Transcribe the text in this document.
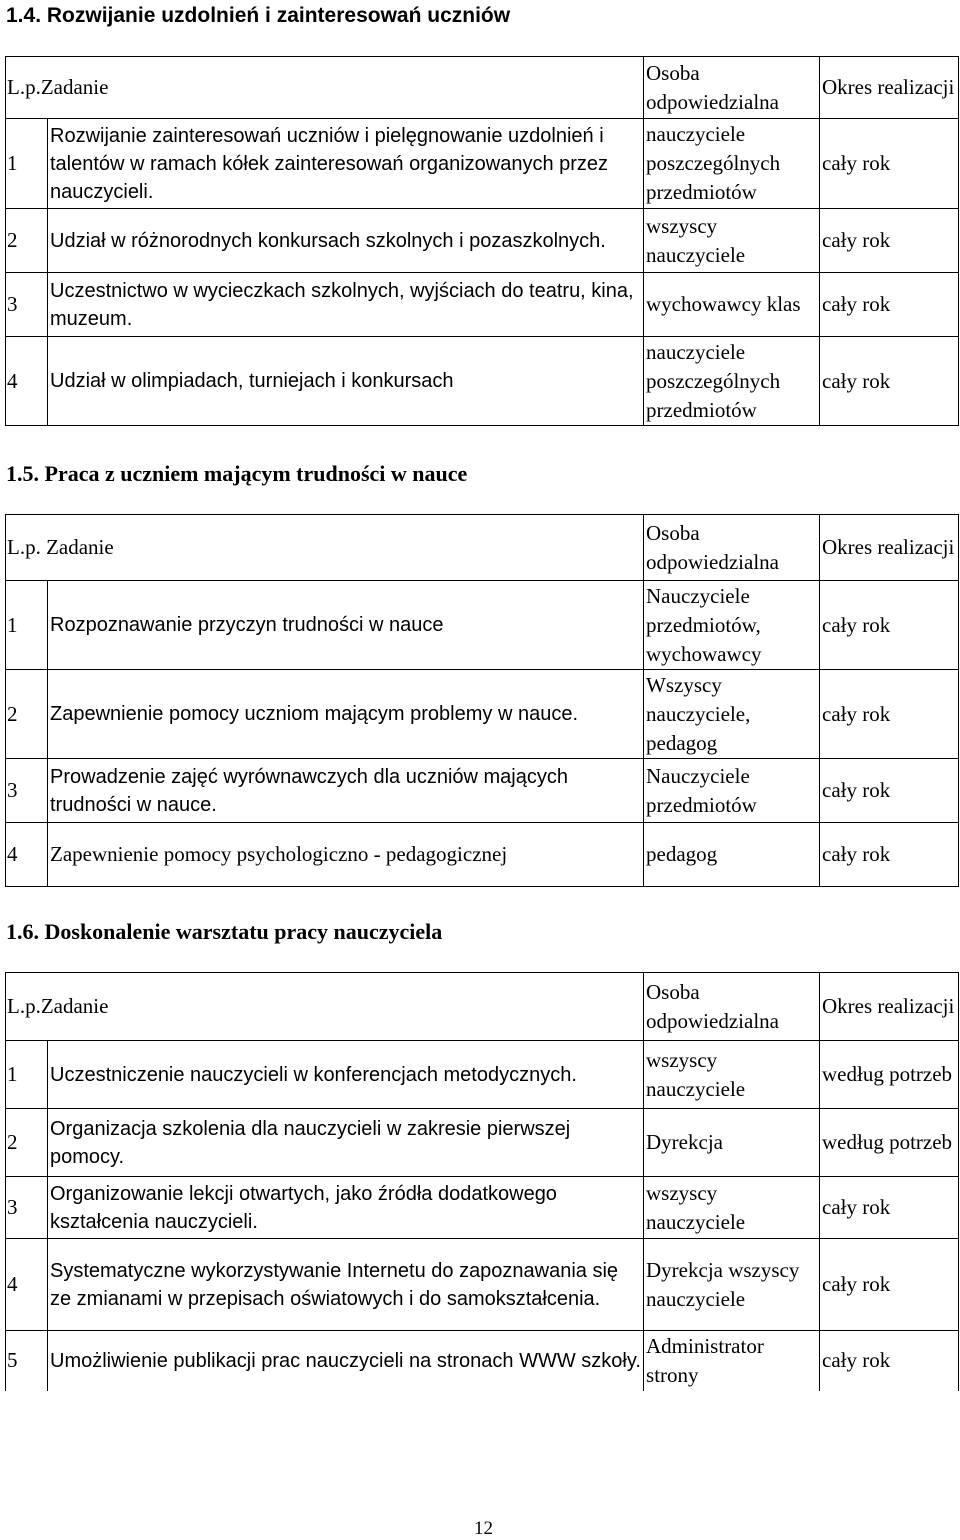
1.4. Rozwijanie uzdolnień i zainteresowań uczniów
L.p.Zadanie		Osoba odpowiedzialna	Okres realizacji
1	Rozwijanie zainteresowań uczniów i pielęgnowanie uzdolnień i talentów w ramach kółek zainteresowań organizowanych przez nauczycieli.	nauczyciele poszczególnych przedmiotów	cały rok
2	Udział w różnorodnych konkursach szkolnych i pozaszkolnych.	wszyscy nauczyciele	cały rok
3	Uczestnictwo w wycieczkach szkolnych, wyjściach do teatru, kina, muzeum.	wychowawcy klas	cały rok
4	Udział w olimpiadach, turniejach i konkursach	nauczyciele poszczególnych przedmiotów	cały rok
1.5. Praca z uczniem mającym trudności w nauce
L.p. Zadanie		Osoba odpowiedzialna	Okres realizacji
1	Rozpoznawanie przyczyn trudności w nauce	Nauczyciele przedmiotów, wychowawcy	cały rok
2	Zapewnienie pomocy uczniom mającym problemy w nauce.	Wszyscy nauczyciele, pedagog	cały rok
3	Prowadzenie zajęć wyrównawczych dla uczniów mających trudności w nauce.	Nauczyciele przedmiotów	cały rok
4	Zapewnienie pomocy psychologiczno - pedagogicznej	pedagog	cały rok
1.6. Doskonalenie warsztatu pracy nauczyciela
L.p.Zadanie		Osoba odpowiedzialna	Okres realizacji
1	Uczestniczenie nauczycieli w konferencjach metodycznych.	wszyscy nauczyciele	według potrzeb
2	Organizacja szkolenia dla nauczycieli w zakresie pierwszej pomocy.	Dyrekcja	według potrzeb
3	Organizowanie lekcji otwartych, jako źródła dodatkowego kształcenia nauczycieli.	wszyscy nauczyciele	cały rok
4	Systematyczne wykorzystywanie Internetu do zapoznawania się ze zmianami w przepisach oświatowych i do samokształcenia.	Dyrekcja wszyscy nauczyciele	cały rok
5	Umożliwienie publikacji prac nauczycieli na stronach WWW szkoły.	Administrator strony	cały rok
12
